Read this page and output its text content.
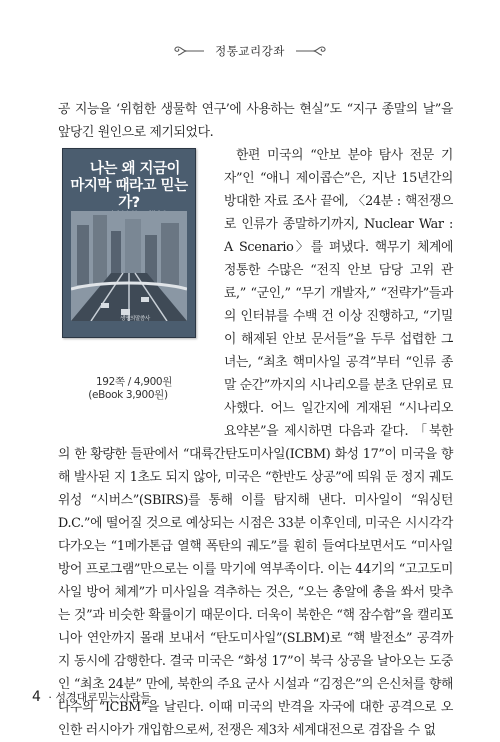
정통교리강좌

공 지능을 ‘위험한 생물학 연구’에 사용하는 현실”도 “지구 종말의 날”을 앞당긴 원인으로 제기되었다.

나는 왜 지금이
마지막 때라고 믿는가?
생명의말씀사
192쪽 / 4,900원
(eBook 3,900원)
한편 미국의 “안보 분야 탐사 전문 기자”인 “애니 제이콥슨”은, 지난 15년간의 방대한 자료 조사 끝에, 〈24분 : 핵전쟁으로 인류가 종말하기까지, Nuclear War : A Scenario〉를 펴냈다. 핵무기 체계에 정통한 수많은 “전직 안보 담당 고위 관료,” “군인,” “무기 개발자,” “전략가”들과의 인터뷰를 수백 건 이상 진행하고, “기밀이 해제된 안보 문서들”을 두루 섭렵한 그녀는, “최초 핵미사일 공격”부터 “인류 종말 순간”까지의 시나리오를 분초 단위로 묘사했다. 어느 일간지에 게재된 “시나리오 요약본”을 제시하면 다음과 같다. 「북한의 한 황량한 들판에서 “대륙간탄도미사일(ICBM) 화성 17”이 미국을 향해 발사된 지 1초도 되지 않아, 미국은 “한반도 상공”에 띄워 둔 정지 궤도 위성 “시버스”(SBIRS)를 통해 이를 탐지해 낸다. 미사일이 “워싱턴 D.C.”에 떨어질 것으로 예상되는 시점은 33분 이후인데, 미국은 시시각각 다가오는 “1메가톤급 열핵 폭탄의 궤도”를 훤히 들여다보면서도 “미사일 방어 프로그램”만으로는 이를 막기에 역부족이다. 이는 44기의 “고고도미사일 방어 체계”가 미사일을 격추하는 것은, “오는 총알에 총을 쏴서 맞추는 것”과 비슷한 확률이기 때문이다. 더욱이 북한은 “핵 잠수함”을 캘리포니아 연안까지 몰래 보내서 “탄도미사일”(SLBM)로 “핵 발전소” 공격까지 동시에 감행한다. 결국 미국은 “화성 17”이 북극 상공을 날아오는 도중인 “최초 24분” 만에, 북한의 주요 군사 시설과 “김정은”의 은신처를 향해 다수의 “ICBM”을 날린다. 이때 미국의 반격을 자국에 대한 공격으로 오인한 러시아가 개입함으로써, 전쟁은 제3차 세계대전으로 겸잡을 수 없

4 · 성경대로믿는사람들
